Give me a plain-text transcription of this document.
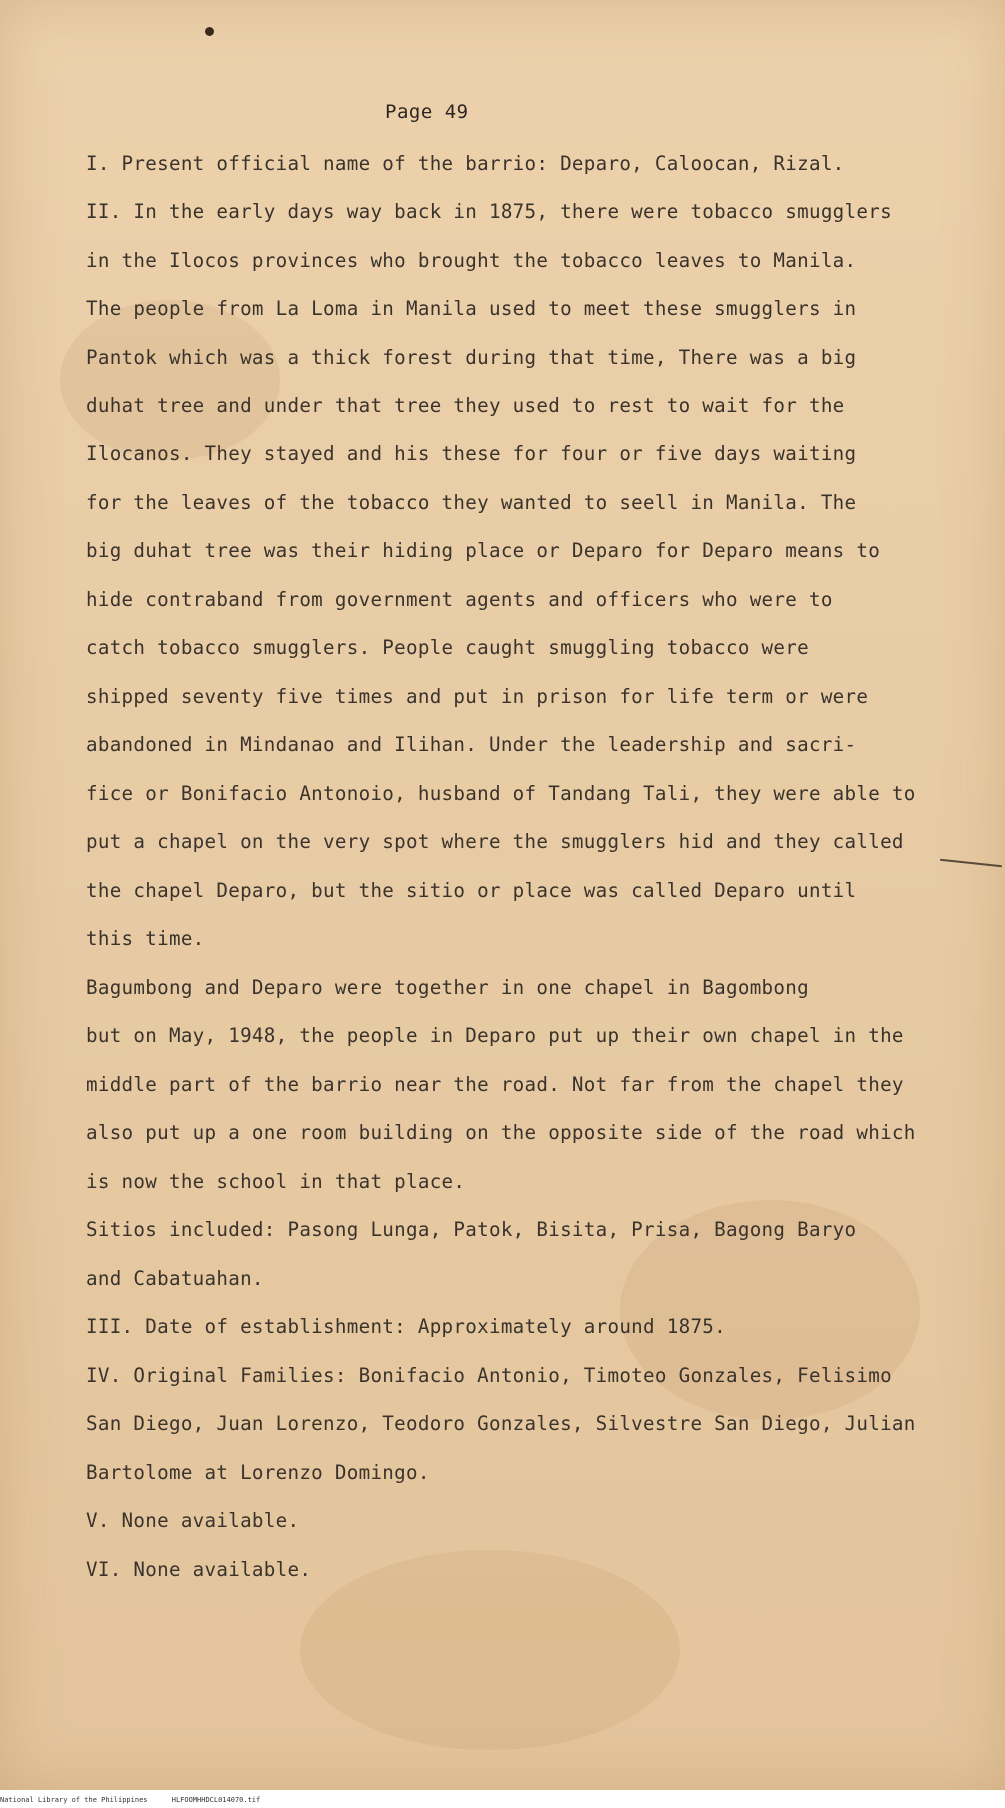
Page 49
I. Present official name of the barrio: Deparo, Caloocan, Rizal.
II. In the early days way back in 1875, there were tobacco smugglers
in the Ilocos provinces who brought the tobacco leaves to Manila.
The people from La Loma in Manila used to meet these smugglers in
Pantok which was a thick forest during that time, There was a big
duhat tree and under that tree they used to rest to wait for the
Ilocanos. They stayed and his these for four or five days waiting
for the leaves of the tobacco they wanted to seell in Manila. The
big duhat tree was their hiding place or Deparo for Deparo means to
hide contraband from government agents and officers who were to
catch tobacco smugglers. People caught smuggling tobacco were
shipped seventy five times and put in prison for life term or were
abandoned in Mindanao and Ilihan. Under the leadership and sacri-
fice or Bonifacio Antonoio, husband of Tandang Tali, they were able to
put a chapel on the very spot where the smugglers hid and they called
the chapel Deparo, but the sitio or place was called Deparo until
this time.
Bagumbong and Deparo were together in one chapel in Bagombong
but on May, 1948, the people in Deparo put up their own chapel in the
middle part of the barrio near the road. Not far from the chapel they
also put up a one room building on the opposite side of the road which
is now the school in that place.
Sitios included: Pasong Lunga, Patok, Bisita, Prisa, Bagong Baryo
and Cabatuahan.
III. Date of establishment: Approximately around 1875.
IV. Original Families: Bonifacio Antonio, Timoteo Gonzales, Felisimo
San Diego, Juan Lorenzo, Teodoro Gonzales, Silvestre San Diego, Julian
Bartolome at Lorenzo Domingo.
V. None available.
VI. None available.
National Library of the Philippines	HLFOOMHHDCL014070.tif
